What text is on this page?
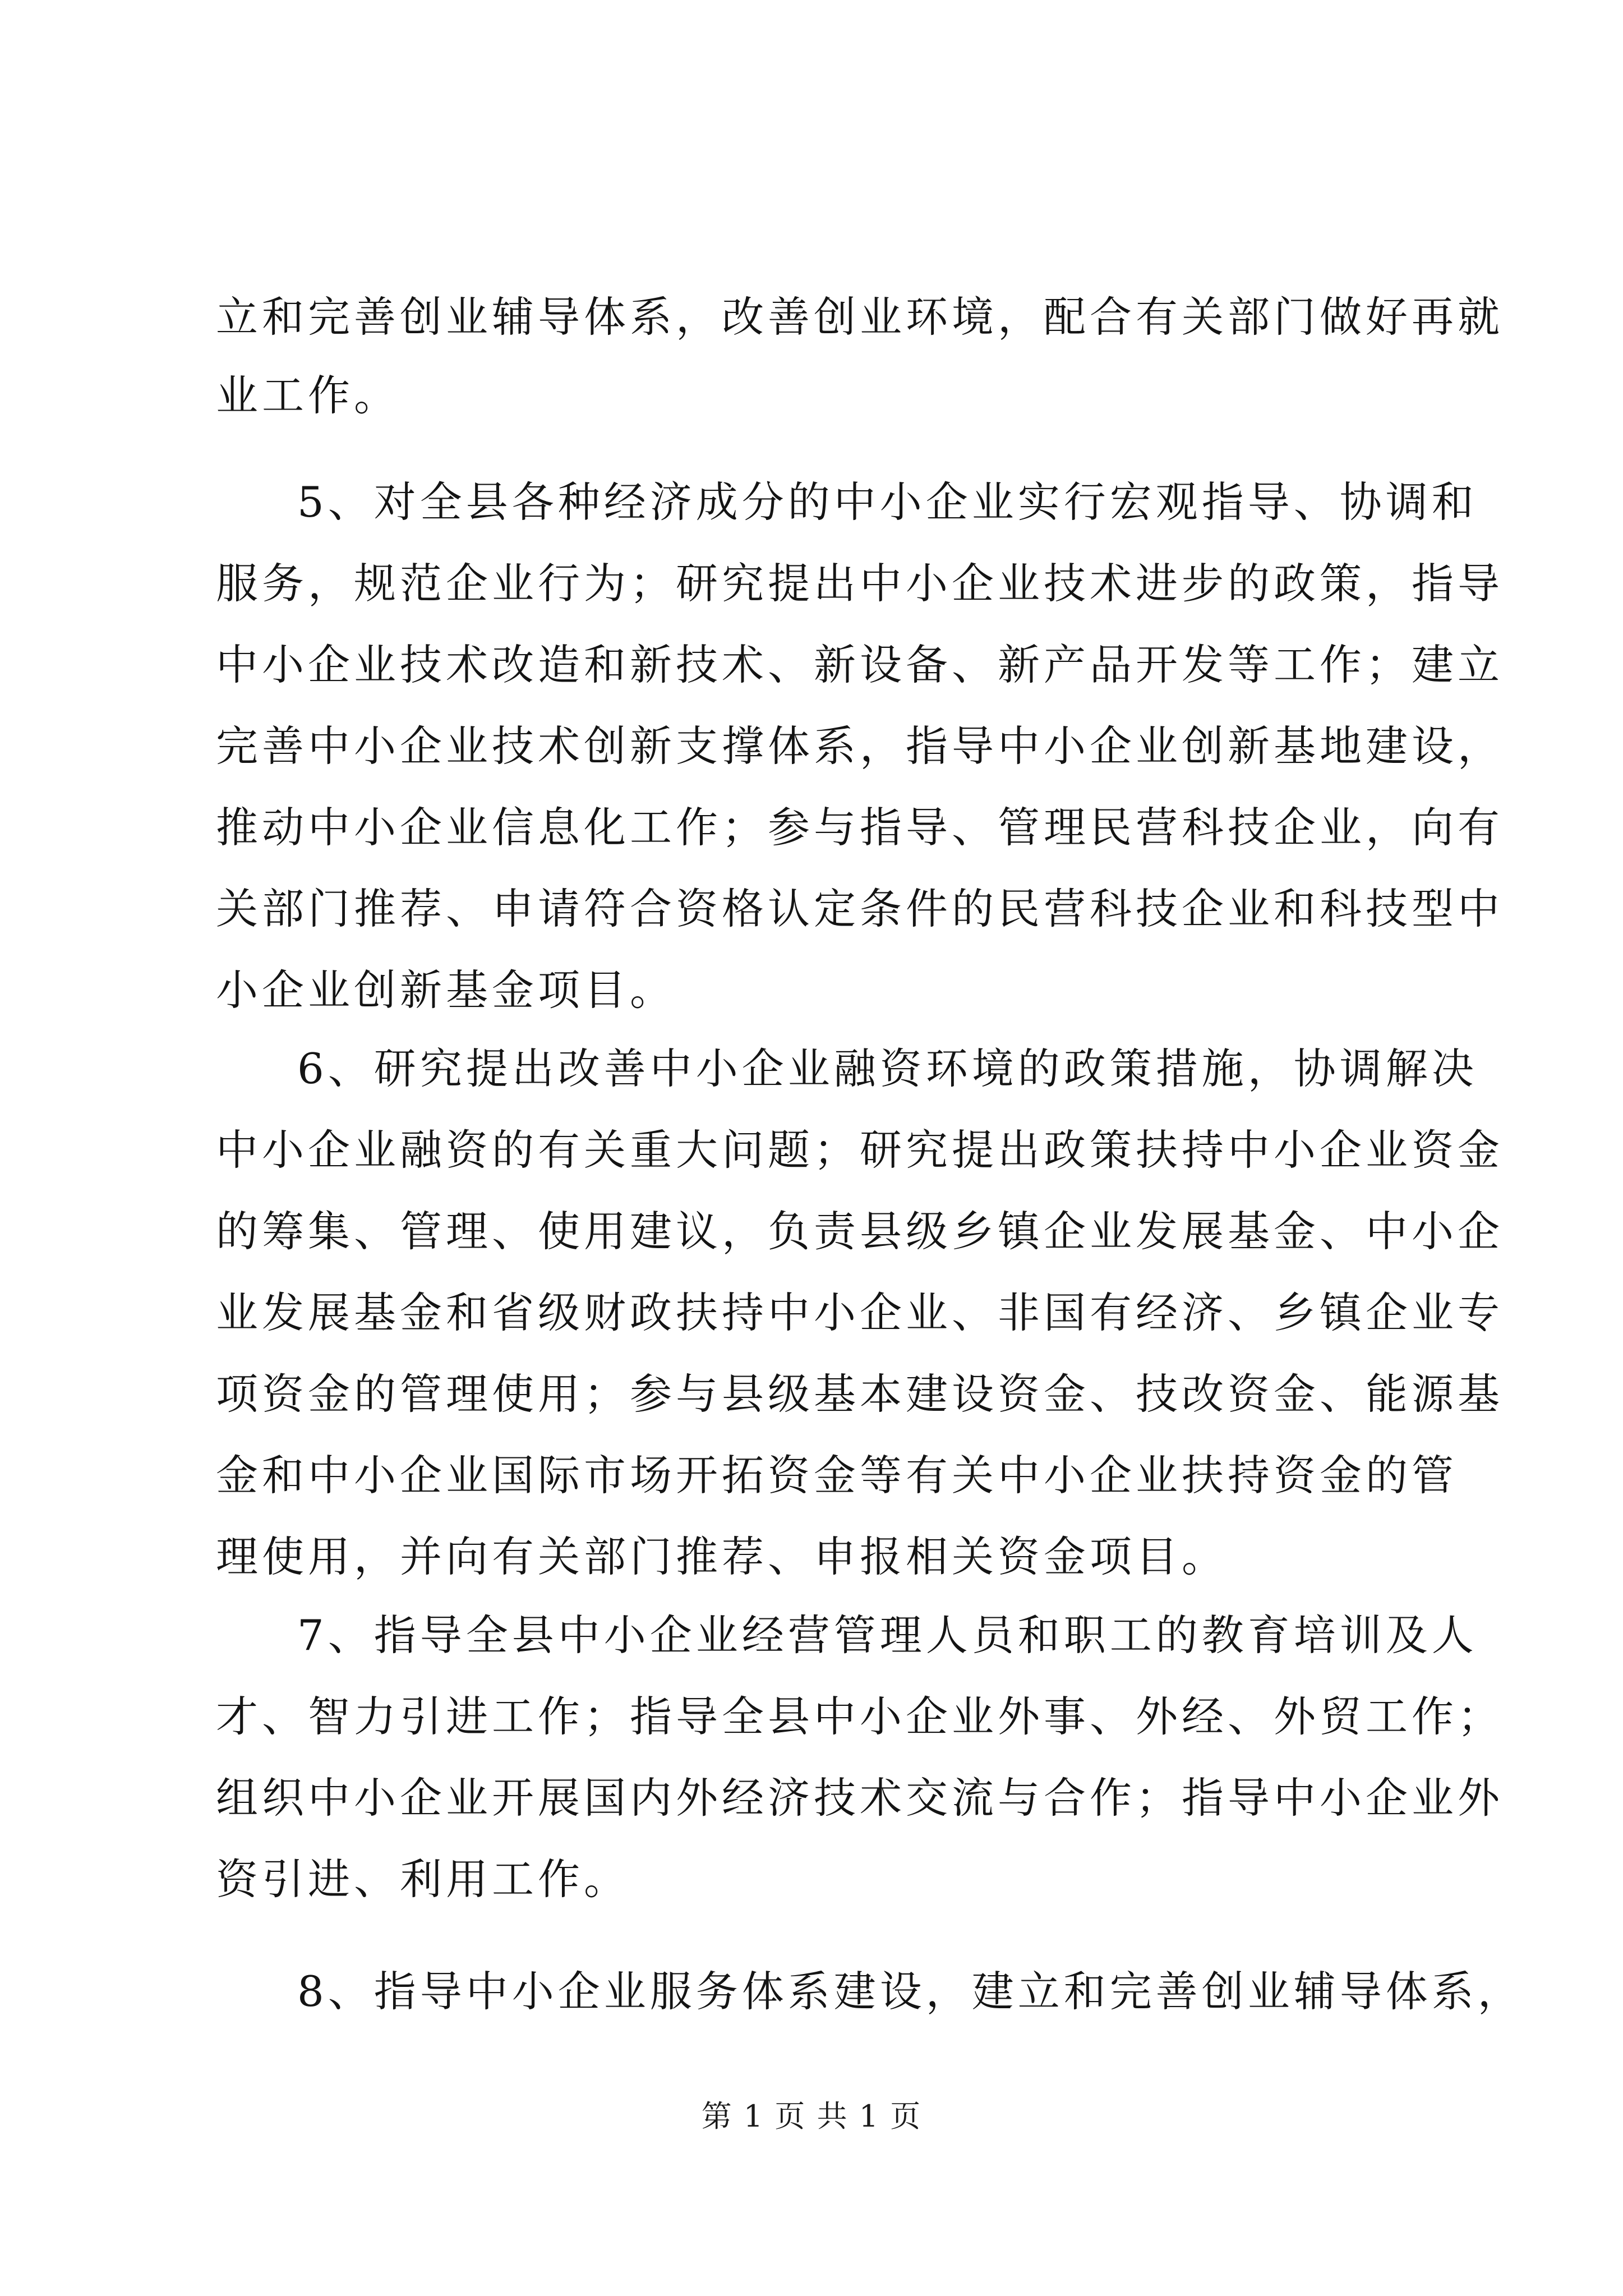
立和完善创业辅导体系，改善创业环境，配合有关部门做好再就
业工作。
5、对全县各种经济成分的中小企业实行宏观指导、协调和
服务，规范企业行为；研究提出中小企业技术进步的政策，指导
中小企业技术改造和新技术、新设备、新产品开发等工作；建立
完善中小企业技术创新支撑体系，指导中小企业创新基地建设，
推动中小企业信息化工作；参与指导、管理民营科技企业，向有
关部门推荐、申请符合资格认定条件的民营科技企业和科技型中
小企业创新基金项目。
6、研究提出改善中小企业融资环境的政策措施，协调解决
中小企业融资的有关重大问题；研究提出政策扶持中小企业资金
的筹集、管理、使用建议，负责县级乡镇企业发展基金、中小企
业发展基金和省级财政扶持中小企业、非国有经济、乡镇企业专
项资金的管理使用；参与县级基本建设资金、技改资金、能源基
金和中小企业国际市场开拓资金等有关中小企业扶持资金的管
理使用，并向有关部门推荐、申报相关资金项目。
7、指导全县中小企业经营管理人员和职工的教育培训及人
才、智力引进工作；指导全县中小企业外事、外经、外贸工作；
组织中小企业开展国内外经济技术交流与合作；指导中小企业外
资引进、利用工作。
8、指导中小企业服务体系建设，建立和完善创业辅导体系，
第 1 页 共 1 页
